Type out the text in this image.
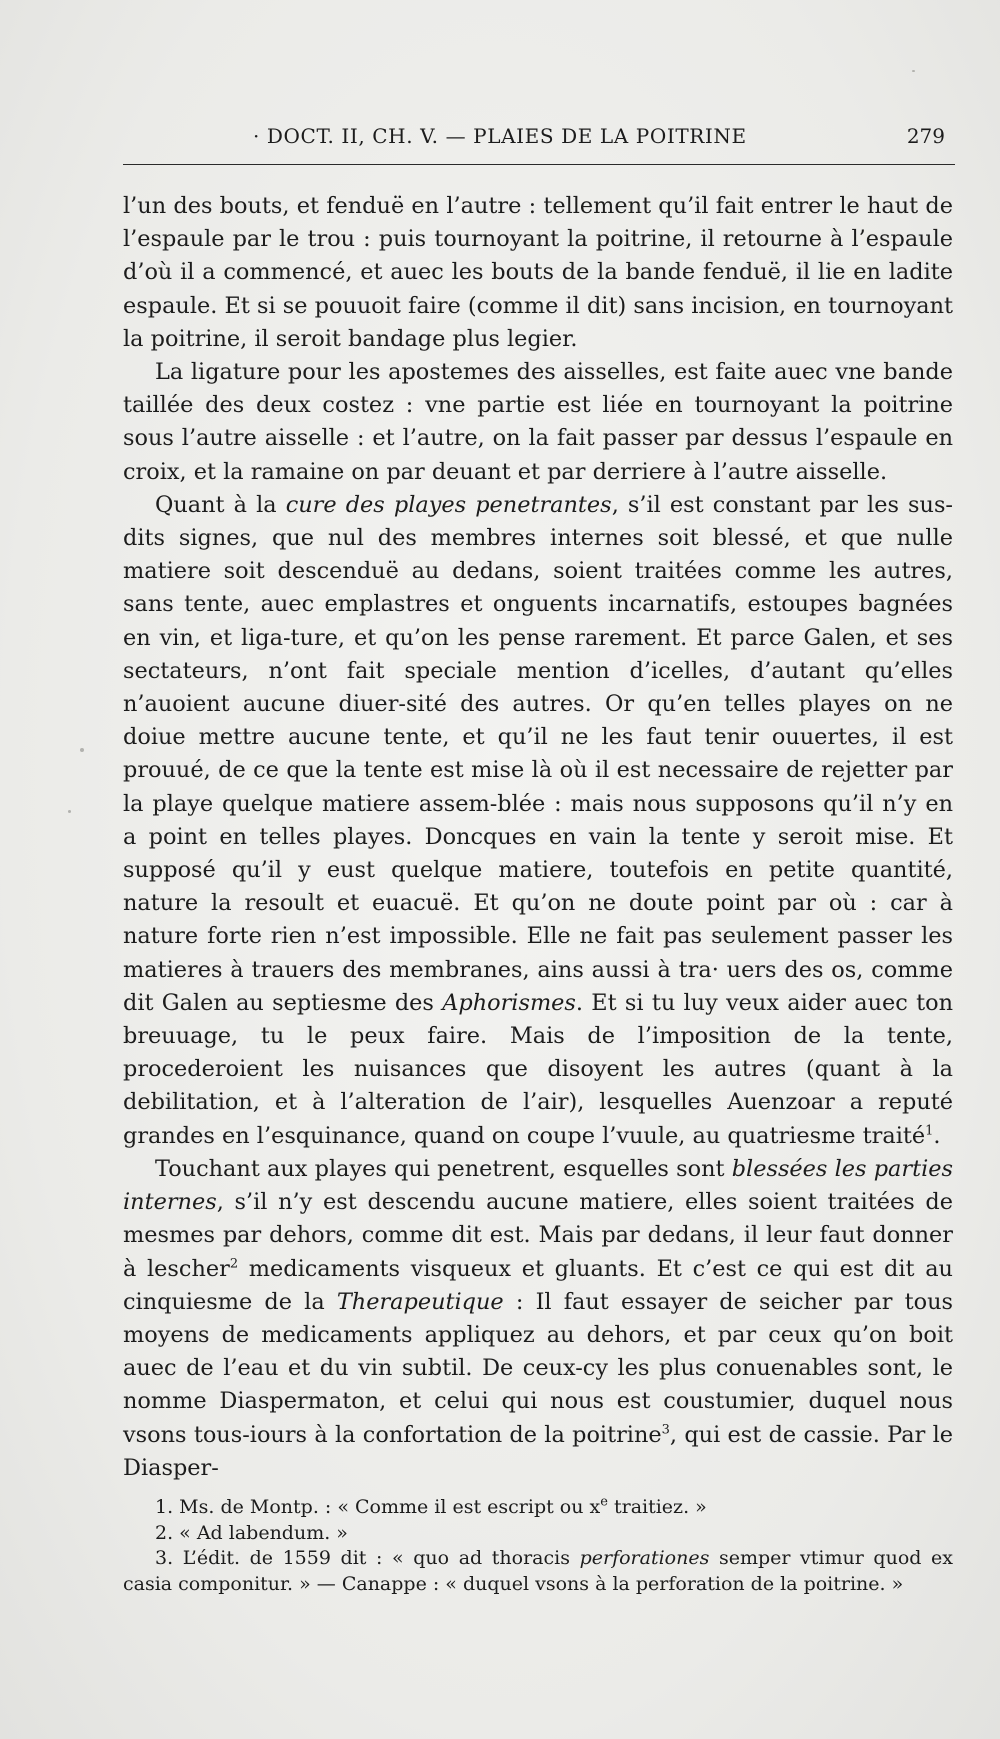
· DOCT. II, CH. V. — PLAIES DE LA POITRINE	279

l’un des bouts, et fenduë en l’autre : tellement qu’il fait entrer le haut de l’espaule par le trou : puis tournoyant la poitrine, il retourne à l’espaule d’où il a commencé, et auec les bouts de la bande fenduë, il lie en ladite espaule. Et si se pouuoit faire (comme il dit) sans incision, en tournoyant la poitrine, il seroit bandage plus legier.

La ligature pour les apostemes des aisselles, est faite auec vne bande taillée des deux costez : vne partie est liée en tournoyant la poitrine sous l’autre aisselle : et l’autre, on la fait passer par dessus l’espaule en croix, et la ramaine on par deuant et par derriere à l’autre aisselle.

Quant à la cure des playes penetrantes, s’il est constant par les sus-dits signes, que nul des membres internes soit blessé, et que nulle matiere soit descenduë au dedans, soient traitées comme les autres, sans tente, auec emplastres et onguents incarnatifs, estoupes bagnées en vin, et liga-ture, et qu’on les pense rarement. Et parce Galen, et ses sectateurs, n’ont fait speciale mention d’icelles, d’autant qu’elles n’auoient aucune diuer-sité des autres. Or qu’en telles playes on ne doiue mettre aucune tente, et qu’il ne les faut tenir ouuertes, il est prouué, de ce que la tente est mise là où il est necessaire de rejetter par la playe quelque matiere assem-blée : mais nous supposons qu’il n’y en a point en telles playes. Doncques en vain la tente y seroit mise. Et supposé qu’il y eust quelque matiere, toutefois en petite quantité, nature la resoult et euacuë. Et qu’on ne doute point par où : car à nature forte rien n’est impossible. Elle ne fait pas seulement passer les matieres à trauers des membranes, ains aussi à tra· uers des os, comme dit Galen au septiesme des Aphorismes. Et si tu luy veux aider auec ton breuuage, tu le peux faire. Mais de l’imposition de la tente, procederoient les nuisances que disoyent les autres (quant à la debilitation, et à l’alteration de l’air), lesquelles Auenzoar a reputé grandes en l’esquinance, quand on coupe l’vuule, au quatriesme traité$^1$.

Touchant aux playes qui penetrent, esquelles sont blessées les parties internes, s’il n’y est descendu aucune matiere, elles soient traitées de mesmes par dehors, comme dit est. Mais par dedans, il leur faut donner à lescher$^2$ medicaments visqueux et gluants. Et c’est ce qui est dit au cinquiesme de la Therapeutique : Il faut essayer de seicher par tous moyens de medicaments appliquez au dehors, et par ceux qu’on boit auec de l’eau et du vin subtil. De ceux-cy les plus conuenables sont, le nomme Diaspermaton, et celui qui nous est coustumier, duquel nous vsons tous-iours à la confortation de la poitrine$^3$, qui est de cassie. Par le Diasper-

1. Ms. de Montp. : « Comme il est escript ou $x^e$ traitiez. »

2. « Ad labendum. »

3. L’édit. de 1559 dit : « quo ad thoracis perforationes semper vtimur quod ex casia componitur. » — Canappe : « duquel vsons à la perforation de la poitrine. »
